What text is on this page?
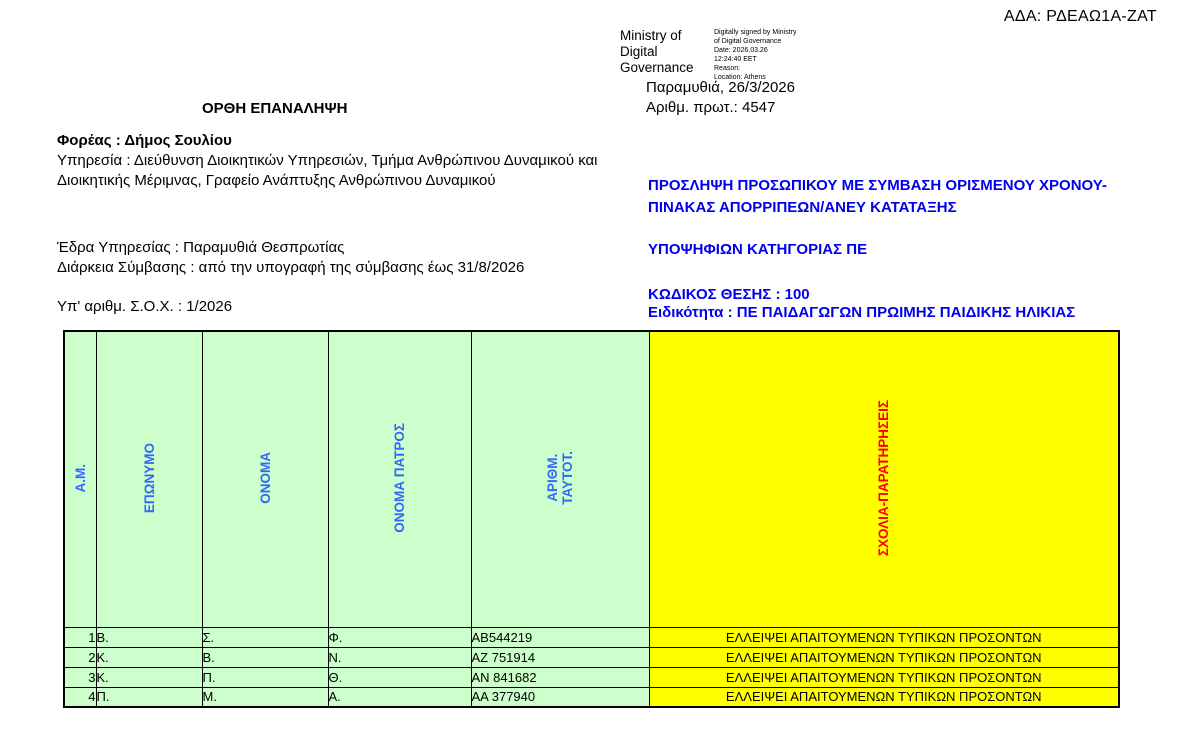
ΑΔΑ: ΡΔΕΑΩ1Α-ΖΑΤ
Ministry of
Digital
Governance
Digitally signed by Ministry
of Digital Governance
Date: 2026.03.26
12:24:40 EET
Reason:
Location: Athens
Παραμυθιά, 26/3/2026
Αριθμ. πρωτ.: 4547
ΟΡΘΗ ΕΠΑΝΑΛΗΨΗ
Φορέας : Δήμος Σουλίου
Υπηρεσία : Διεύθυνση Διοικητικών Υπηρεσιών, Τμήμα Ανθρώπινου Δυναμικού και
Διοικητικής Μέριμνας, Γραφείο Ανάπτυξης Ανθρώπινου Δυναμικού
Έδρα Υπηρεσίας : Παραμυθιά Θεσπρωτίας
Διάρκεια Σύμβασης : από την υπογραφή της σύμβασης έως 31/8/2026
Υπ' αριθμ. Σ.Ο.Χ. : 1/2026
ΠΡΟΣΛΗΨΗ ΠΡΟΣΩΠΙΚΟΥ ΜΕ ΣΥΜΒΑΣΗ ΟΡΙΣΜΕΝΟΥ ΧΡΟΝΟΥ-
ΠΙΝΑΚΑΣ ΑΠΟΡΡΙΠΕΩΝ/ΑΝΕΥ ΚΑΤΑΤΑΞΗΣ
ΥΠΟΨΗΦΙΩΝ ΚΑΤΗΓΟΡΙΑΣ ΠΕ
ΚΩΔΙΚΟΣ ΘΕΣΗΣ : 100
Ειδικότητα : ΠΕ ΠΑΙΔΑΓΩΓΩΝ ΠΡΩΙΜΗΣ ΠΑΙΔΙΚΗΣ ΗΛΙΚΙΑΣ
Α.Μ.	ΕΠΩΝΥΜΟ	ΟΝΟΜΑ	ΟΝΟΜΑ ΠΑΤΡΟΣ	ΑΡΙΘΜ. ΤΑΥΤΟΤ.	ΣΧΟΛΙΑ-ΠΑΡΑΤΗΡΗΣΕΙΣ
1	Β.	Σ.	Φ.	ΑΒ544219	ΕΛΛΕΙΨΕΙ ΑΠΑΙΤΟΥΜΕΝΩΝ ΤΥΠΙΚΩΝ ΠΡΟΣΟΝΤΩΝ
2	Κ.	Β.	Ν.	ΑΖ 751914	ΕΛΛΕΙΨΕΙ ΑΠΑΙΤΟΥΜΕΝΩΝ ΤΥΠΙΚΩΝ ΠΡΟΣΟΝΤΩΝ
3	Κ.	Π.	Θ.	ΑΝ 841682	ΕΛΛΕΙΨΕΙ ΑΠΑΙΤΟΥΜΕΝΩΝ ΤΥΠΙΚΩΝ ΠΡΟΣΟΝΤΩΝ
4	Π.	Μ.	Α.	ΑΑ 377940	ΕΛΛΕΙΨΕΙ ΑΠΑΙΤΟΥΜΕΝΩΝ ΤΥΠΙΚΩΝ ΠΡΟΣΟΝΤΩΝ
